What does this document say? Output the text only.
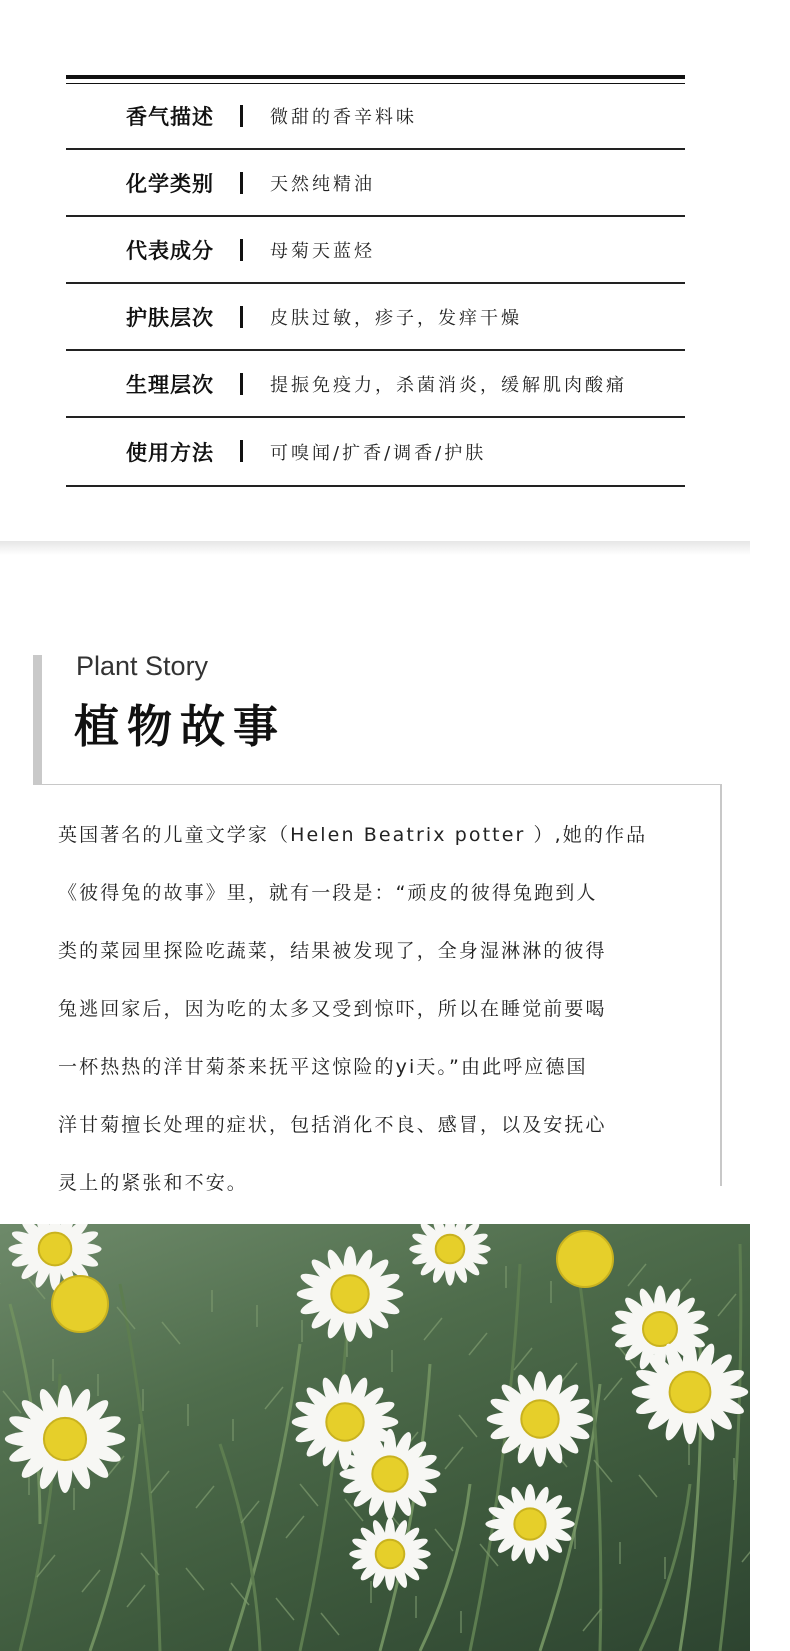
香气描述	微甜的香辛料味
化学类别	天然纯精油
代表成分	母菊天蓝烃
护肤层次	皮肤过敏，疹子，发痒干燥
生理层次	提振免疫力，杀菌消炎，缓解肌肉酸痛
使用方法	可嗅闻/扩香/调香/护肤
Plant Story
植物故事
英国著名的儿童文学家（Helen Beatrix potter ）,她的作品
《彼得兔的故事》里，就有一段是：“顽皮的彼得兔跑到人
类的菜园里探险吃蔬菜，结果被发现了，全身湿淋淋的彼得
兔逃回家后，因为吃的太多又受到惊吓，所以在睡觉前要喝
一杯热热的洋甘菊茶来抚平这惊险的yi天。”由此呼应德国
洋甘菊擅长处理的症状，包括消化不良、感冒，以及安抚心
灵上的紧张和不安。
